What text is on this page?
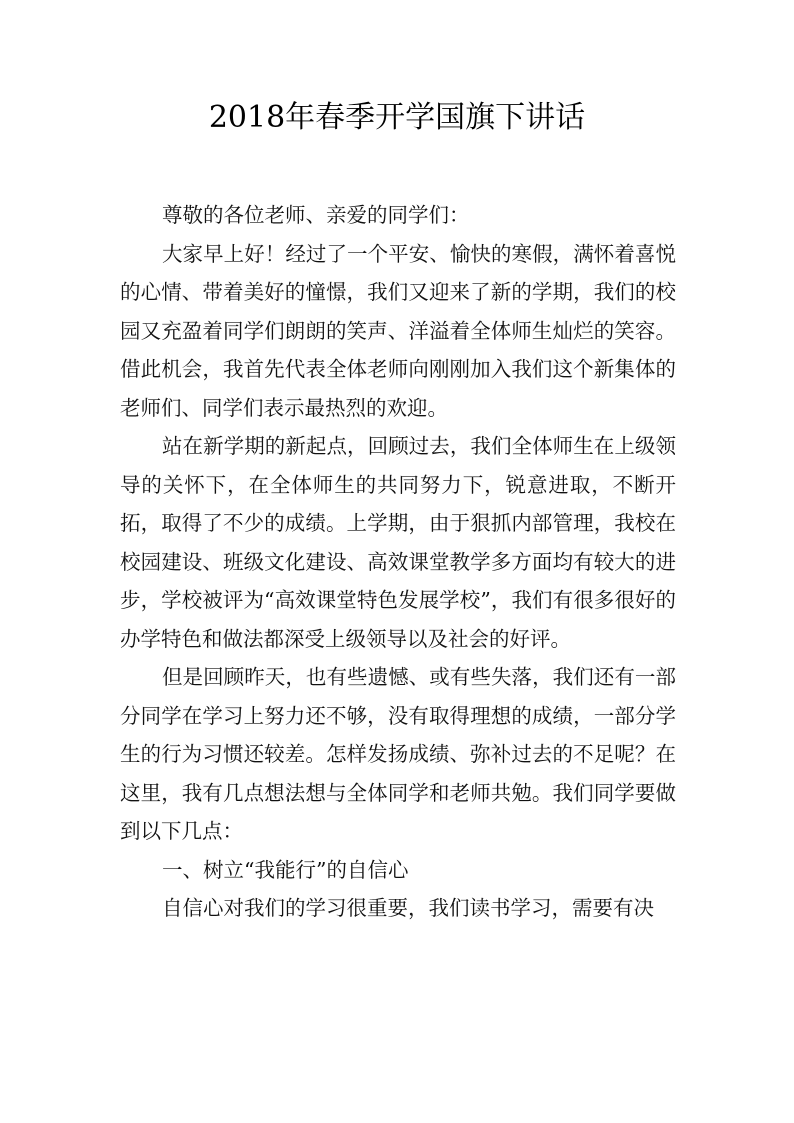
2018年春季开学国旗下讲话

尊敬的各位老师、亲爱的同学们：

大家早上好！经过了一个平安、愉快的寒假，满怀着喜悦的心情、带着美好的憧憬，我们又迎来了新的学期，我们的校园又充盈着同学们朗朗的笑声、洋溢着全体师生灿烂的笑容。借此机会，我首先代表全体老师向刚刚加入我们这个新集体的老师们、同学们表示最热烈的欢迎。

站在新学期的新起点，回顾过去，我们全体师生在上级领导的关怀下，在全体师生的共同努力下，锐意进取，不断开拓，取得了不少的成绩。上学期，由于狠抓内部管理，我校在校园建设、班级文化建设、高效课堂教学多方面均有较大的进步，学校被评为“高效课堂特色发展学校”，我们有很多很好的办学特色和做法都深受上级领导以及社会的好评。

但是回顾昨天，也有些遗憾、或有些失落，我们还有一部分同学在学习上努力还不够，没有取得理想的成绩，一部分学生的行为习惯还较差。怎样发扬成绩、弥补过去的不足呢？在这里，我有几点想法想与全体同学和老师共勉。我们同学要做到以下几点：

一、树立“我能行”的自信心

自信心对我们的学习很重要，我们读书学习，需要有决
